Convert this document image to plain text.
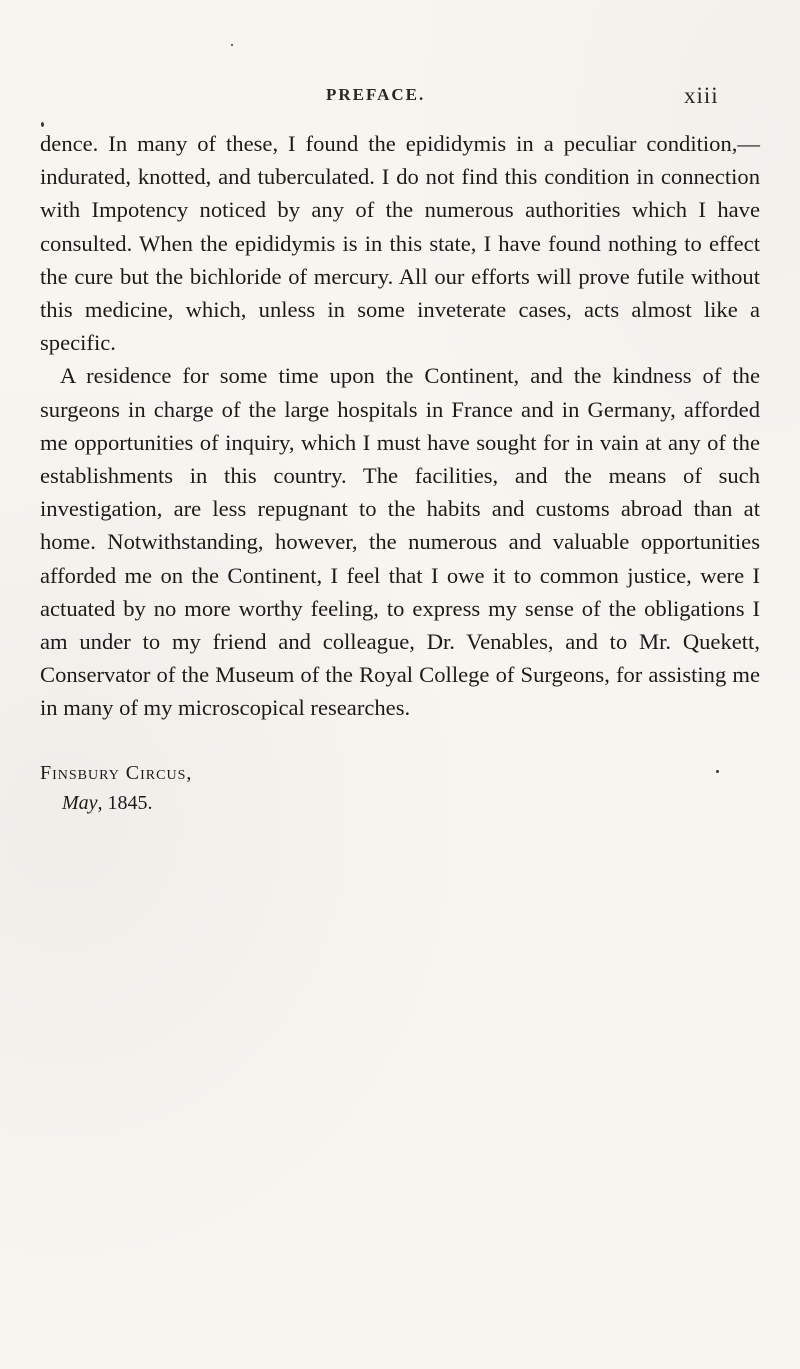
PREFACE.	xiii

dence. In many of these, I found the epididymis in a peculiar condition,—indurated, knotted, and tuberculated. I do not find this condition in connection with Impotency noticed by any of the numerous authorities which I have consulted. When the epididymis is in this state, I have found nothing to effect the cure but the bichloride of mercury. All our efforts will prove futile without this medicine, which, unless in some inveterate cases, acts almost like a specific.

A residence for some time upon the Continent, and the kindness of the surgeons in charge of the large hospitals in France and in Germany, afforded me opportunities of inquiry, which I must have sought for in vain at any of the establishments in this country. The facilities, and the means of such investigation, are less repugnant to the habits and customs abroad than at home. Notwithstanding, however, the numerous and valuable opportunities afforded me on the Continent, I feel that I owe it to common justice, were I actuated by no more worthy feeling, to express my sense of the obligations I am under to my friend and colleague, Dr. Venables, and to Mr. Quekett, Conservator of the Museum of the Royal College of Surgeons, for assisting me in many of my microscopical researches.

Finsbury Circus,
May, 1845.
